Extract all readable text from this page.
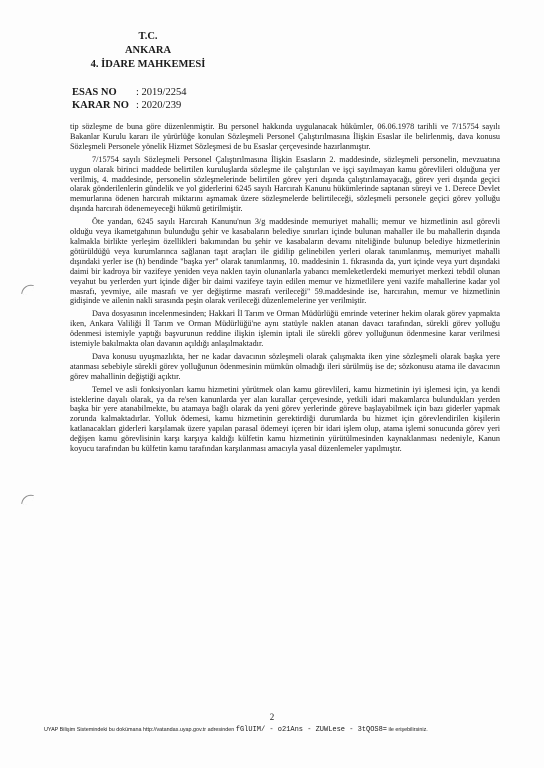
T.C.
ANKARA
4. İDARE MAHKEMESİ
ESAS NO : 2019/2254
KARAR NO : 2020/239

tip sözleşme de buna göre düzenlenmiştir. Bu personel hakkında uygulanacak hükümler, 06.06.1978 tarihli ve 7/15754 sayılı Bakanlar Kurulu kararı ile yürürlüğe konulan Sözleşmeli Personel Çalıştırılmasına İlişkin Esaslar ile belirlenmiş, dava konusu Sözleşmeli Personele yönelik Hizmet Sözleşmesi de bu Esaslar çerçevesinde hazırlanmıştır.

7/15754 sayılı Sözleşmeli Personel Çalıştırılmasına İlişkin Esasların 2. maddesinde, sözleşmeli personelin, mevzuatına uygun olarak birinci maddede belirtilen kuruluşlarda sözleşme ile çalıştırılan ve işçi sayılmayan kamu görevlileri olduğuna yer verilmiş, 4. maddesinde, personelin sözleşmelerinde belirtilen görev yeri dışında çalıştırılamayacağı, görev yeri dışında geçici olarak gönderilenlerin gündelik ve yol giderlerini 6245 sayılı Harcırah Kanunu hükümlerinde saptanan süreyi ve 1. Derece Devlet memurlarına ödenen harcırah miktarını aşmamak üzere sözleşmelerde belirtileceği, sözleşmeli personele geçici görev yolluğu dışında harcırah ödenemeyeceği hükmü getirilmiştir.

Öte yandan, 6245 sayılı Harcırah Kanunu'nun 3/g maddesinde memuriyet mahalli; memur ve hizmetlinin asıl görevli olduğu veya ikametgahının bulunduğu şehir ve kasabaların belediye sınırları içinde bulunan mahaller ile bu mahallerin dışında kalmakla birlikte yerleşim özellikleri bakımından bu şehir ve kasabaların devamı niteliğinde bulunup belediye hizmetlerinin götürüldüğü veya kurumlarınca sağlanan taşıt araçları ile gidilip gelinebilen yerleri olarak tanımlanmış, memuriyet mahalli dışındaki yerler ise (h) bendinde "başka yer" olarak tanımlanmış, 10. maddesinin 1. fıkrasında da, yurt içinde veya yurt dışındaki daimi bir kadroya bir vazifeye yeniden veya naklen tayin olunanlarla yabancı memleketlerdeki memuriyet merkezi tebdil olunan veyahut bu yerlerden yurt içinde diğer bir daimi vazifeye tayin edilen memur ve hizmetlilere yeni vazife mahallerine kadar yol masrafı, yevmiye, aile masrafı ve yer değiştirme masrafı verileceği" 59.maddesinde ise, harcırahın, memur ve hizmetlinin gidişinde ve ailenin nakli sırasında peşin olarak verileceği düzenlemelerine yer verilmiştir.

Dava dosyasının incelenmesinden; Hakkari İl Tarım ve Orman Müdürlüğü emrinde veteriner hekim olarak görev yapmakta iken, Ankara Valiliği İl Tarım ve Orman Müdürlüğü'ne aynı statüyle naklen atanan davacı tarafından, sürekli görev yolluğu ödenmesi istemiyle yaptığı başvurunun reddine ilişkin işlemin iptali ile sürekli görev yolluğunun ödenmesine karar verilmesi istemiyle bakılmakta olan davanın açıldığı anlaşılmaktadır.

Dava konusu uyuşmazlıkta, her ne kadar davacının sözleşmeli olarak çalışmakta iken yine sözleşmeli olarak başka yere atanması sebebiyle sürekli görev yolluğunun ödenmesinin mümkün olmadığı ileri sürülmüş ise de; sözkonusu atama ile davacının görev mahallinin değiştiği açıktır.

Temel ve asli fonksiyonları kamu hizmetini yürütmek olan kamu görevlileri, kamu hizmetinin iyi işlemesi için, ya kendi isteklerine dayalı olarak, ya da re'sen kanunlarda yer alan kurallar çerçevesinde, yetkili idari makamlarca bulundukları yerden başka bir yere atanabilmekte, bu atamaya bağlı olarak da yeni görev yerlerinde göreve başlayabilmek için bazı giderler yapmak zorunda kalmaktadırlar. Yolluk ödemesi, kamu hizmetinin gerektirdiği durumlarda bu hizmet için görevlendirilen kişilerin katlanacakları giderleri karşılamak üzere yapılan parasal ödemeyi içeren bir idari işlem olup, atama işlemi sonucunda görev yeri değişen kamu görevlisinin karşı karşıya kaldığı külfetin kamu hizmetinin yürütülmesinden kaynaklanması nedeniyle, Kanun koyucu tarafından bu külfetin kamu tarafından karşılanması amacıyla yasal düzenlemeler yapılmıştır.

2
UYAP Bilişim Sistemindeki bu dokümana http://vatandas.uyap.gov.tr adresinden fGlUIM/ - o21Ans - ZUWLese - 3tQOS8= ile erişebilirsiniz.
